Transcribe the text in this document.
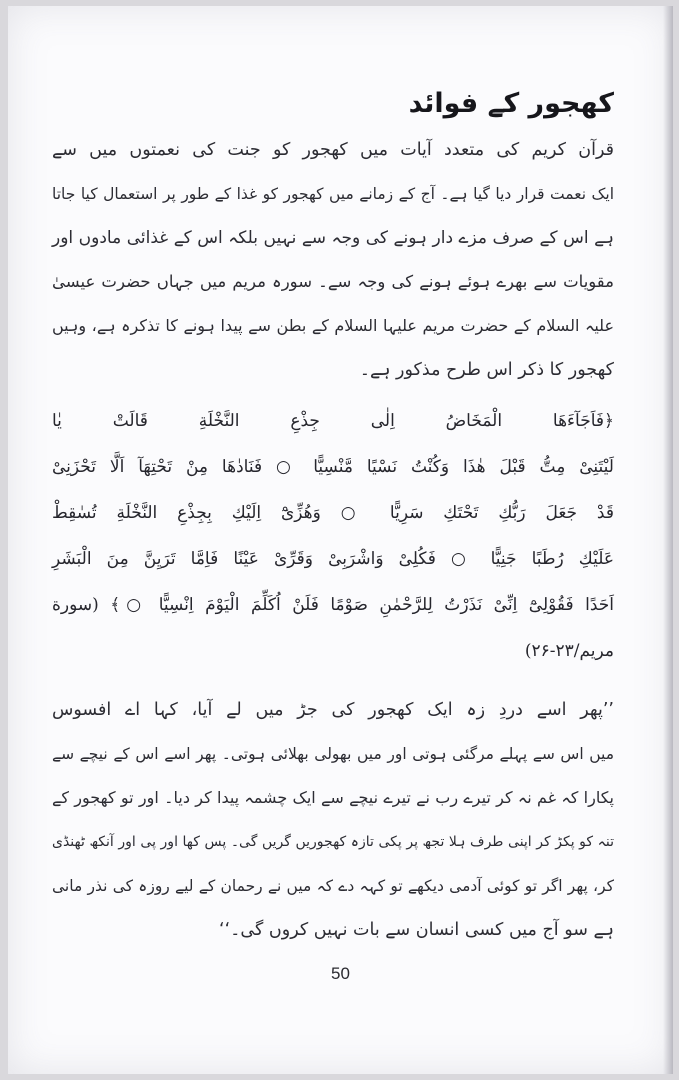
کھجور کے فوائد
قرآن کریم کی متعدد آیات میں کھجور کو جنت کی نعمتوں میں سے
ایک نعمت قرار دیا گیا ہے۔ آج کے زمانے میں کھجور کو غذا کے طور پر استعمال کیا جاتا
ہے اس کے صرف مزے دار ہونے کی وجہ سے نہیں بلکہ اس کے غذائی مادوں اور
مقویات سے بھرے ہوئے ہونے کی وجہ سے۔ سورہ مریم میں جہاں حضرت عیسیٰ
علیہ السلام کے حضرت مریم علیہا السلام کے بطن سے پیدا ہونے کا تذکرہ ہے، وہیں
کھجور کا ذکر اس طرح مذکور ہے۔
﴿فَاَجَآءَهَا الْمَخَاضُ اِلٰى جِذْعِ النَّخْلَةِ قَالَتْ يٰا
لَيْتَنِىْ مِتُّ قَبْلَ هٰذَا وَكُنْتُ نَسْيًا مَّنْسِيًّا ○ فَنَادٰهَا مِنْ تَحْتِهَآ اَلَّا تَحْزَنِىْ
قَدْ جَعَلَ رَبُّكِ تَحْتَكِ سَرِيًّا ○ وَهُزِّىْٓ اِلَيْكِ بِجِذْعِ النَّخْلَةِ تُسٰقِطْ
عَلَيْكِ رُطَبًا جَنِيًّا ○ فَكُلِىْ وَاشْرَبِىْ وَقَرِّىْ عَيْنًا فَاِمَّا تَرَيِنَّ مِنَ الْبَشَرِ
اَحَدًا فَقُوْلِىْٓ اِنِّىْ نَذَرْتُ لِلرَّحْمٰنِ صَوْمًا فَلَنْ اُكَلِّمَ الْيَوْمَ اِنْسِيًّا ○﴾ (سورة
مریم/۲۳-۲۶)
’’پھر اسے دردِ زہ ایک کھجور کی جڑ میں لے آیا، کہا اے افسوس
میں اس سے پہلے مرگئی ہوتی اور میں بھولی بھلائی ہوتی۔ پھر اسے اس کے نیچے سے
پکارا کہ غم نہ کر تیرے رب نے تیرے نیچے سے ایک چشمہ پیدا کر دیا۔ اور تو کھجور کے
تنہ کو پکڑ کر اپنی طرف ہلا تجھ پر پکی تازہ کھجوریں گریں گی۔ پس کھا اور پی اور آنکھ ٹھنڈی
کر، پھر اگر تو کوئی آدمی دیکھے تو کہہ دے کہ میں نے رحمان کے لیے روزہ کی نذر مانی
ہے سو آج میں کسی انسان سے بات نہیں کروں گی۔‘‘
50
